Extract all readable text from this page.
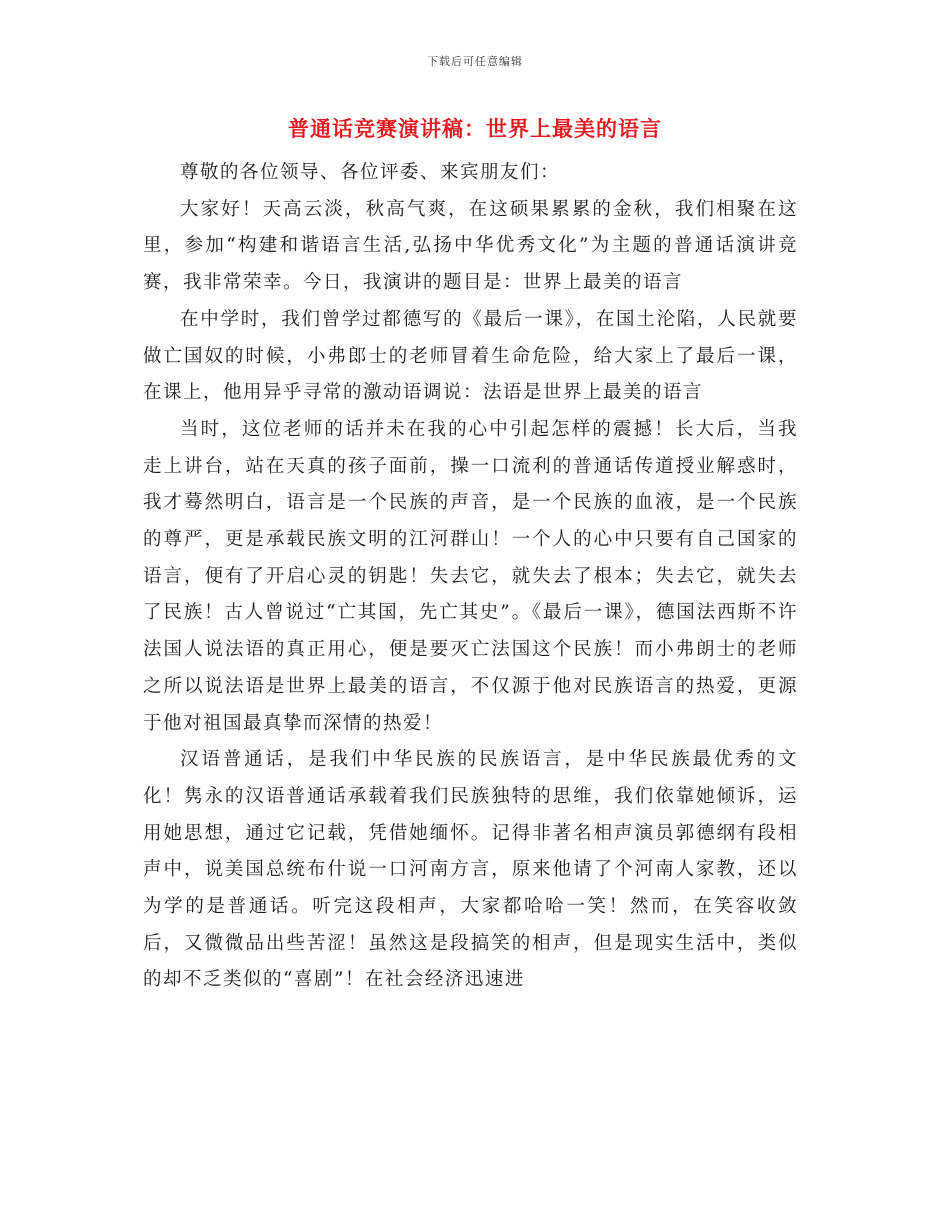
下载后可任意编辑
普通话竞赛演讲稿：世界上最美的语言

尊敬的各位领导、各位评委、来宾朋友们：

大家好！天高云淡，秋高气爽，在这硕果累累的金秋，我们相聚在这里，参加“构建和谐语言生活,弘扬中华优秀文化”为主题的普通话演讲竞赛，我非常荣幸。今日，我演讲的题目是：世界上最美的语言

在中学时，我们曾学过都德写的《最后一课》，在国土沦陷，人民就要做亡国奴的时候，小弗郎士的老师冒着生命危险，给大家上了最后一课，在课上，他用异乎寻常的激动语调说：法语是世界上最美的语言

当时，这位老师的话并未在我的心中引起怎样的震撼！长大后，当我走上讲台，站在天真的孩子面前，操一口流利的普通话传道授业解惑时，我才蓦然明白，语言是一个民族的声音，是一个民族的血液，是一个民族的尊严，更是承载民族文明的江河群山！一个人的心中只要有自己国家的语言，便有了开启心灵的钥匙！失去它，就失去了根本；失去它，就失去了民族！古人曾说过“亡其国，先亡其史”。《最后一课》，德国法西斯不许法国人说法语的真正用心，便是要灭亡法国这个民族！而小弗朗士的老师之所以说法语是世界上最美的语言，不仅源于他对民族语言的热爱，更源于他对祖国最真挚而深情的热爱！

汉语普通话，是我们中华民族的民族语言，是中华民族最优秀的文化！隽永的汉语普通话承载着我们民族独特的思维，我们依靠她倾诉，运用她思想，通过它记载，凭借她缅怀。记得非著名相声演员郭德纲有段相声中，说美国总统布什说一口河南方言，原来他请了个河南人家教，还以为学的是普通话。听完这段相声，大家都哈哈一笑！然而，在笑容收敛后，又微微品出些苦涩！虽然这是段搞笑的相声，但是现实生活中，类似的却不乏类似的“喜剧”！在社会经济迅速进
